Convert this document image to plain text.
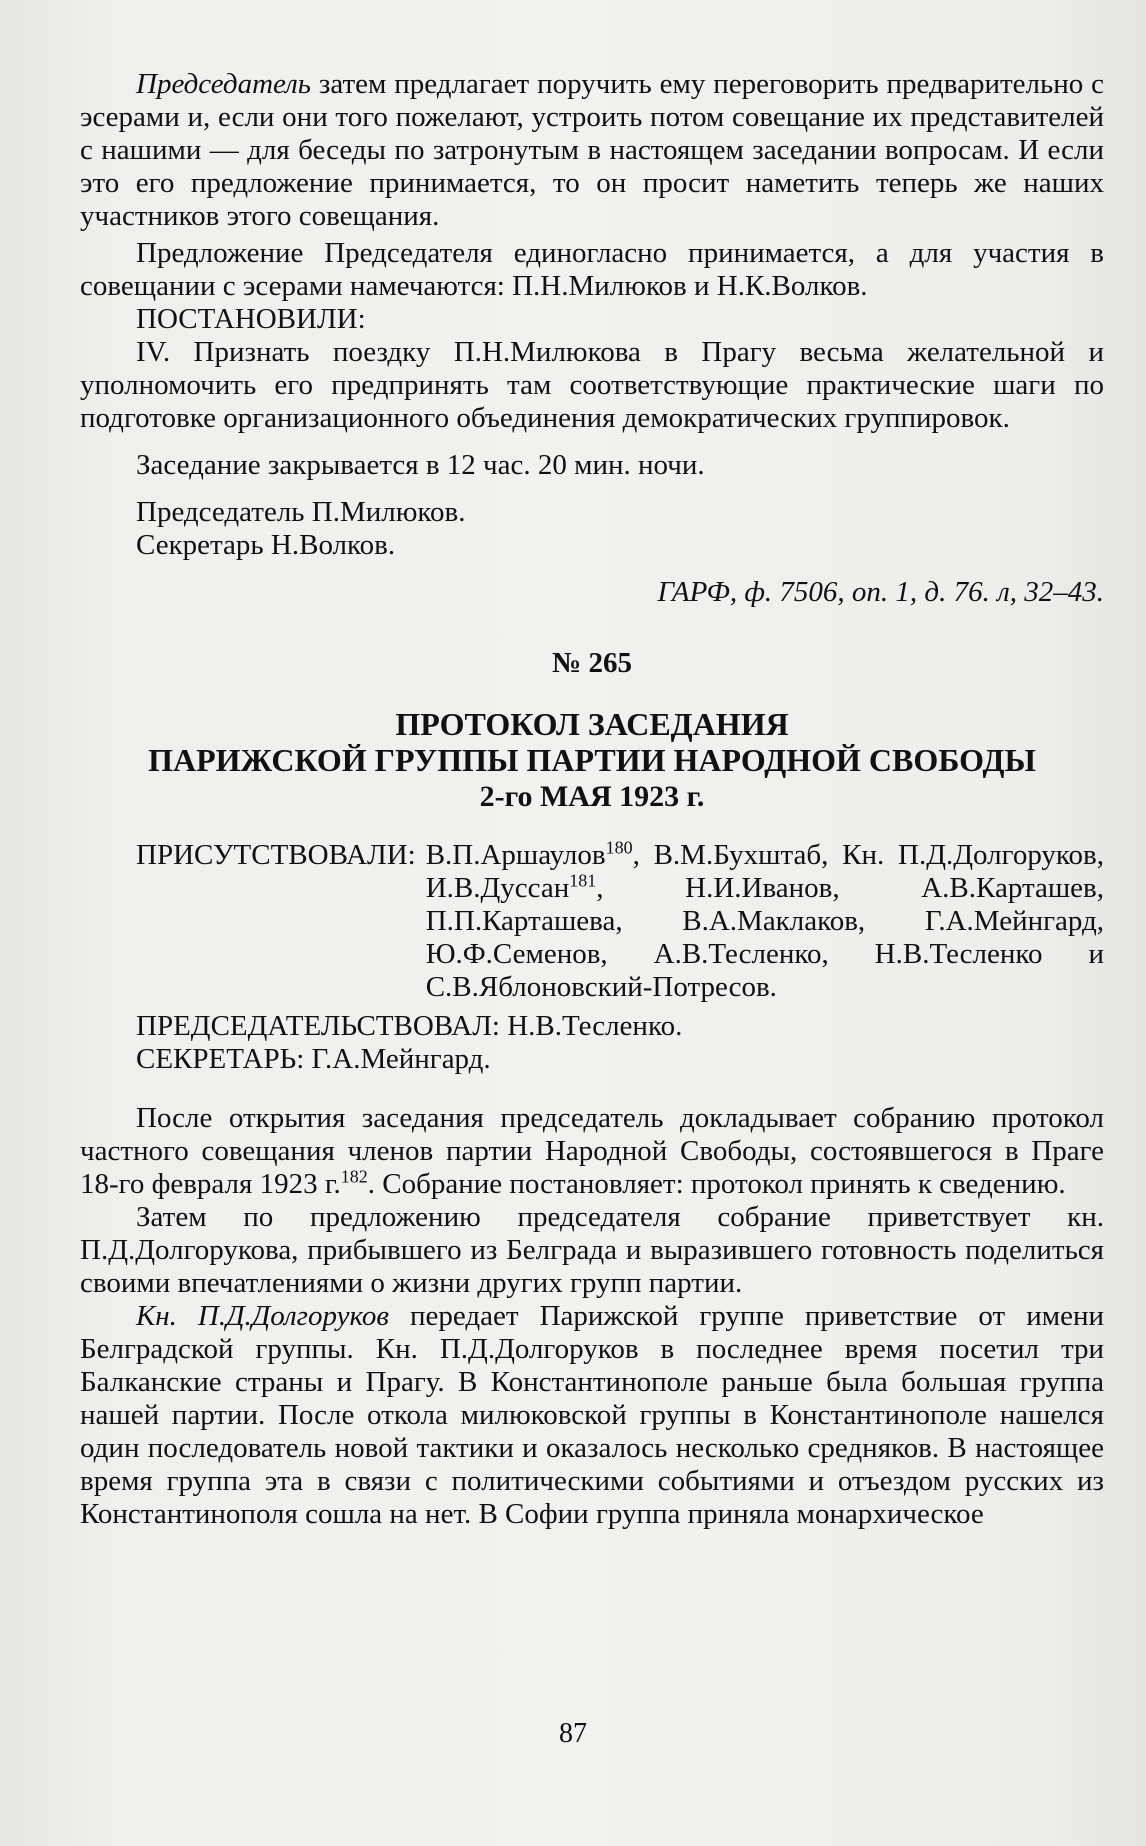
Председатель затем предлагает поручить ему переговорить предварительно с эсерами и, если они того пожелают, устроить потом совещание их представителей с нашими — для беседы по затронутым в настоящем заседании вопросам. И если это его предложение принимается, то он просит наметить теперь же наших участников этого совещания.

Предложение Председателя единогласно принимается, а для участия в совещании с эсерами намечаются: П.Н.Милюков и Н.К.Волков.

ПОСТАНОВИЛИ:

IV. Признать поездку П.Н.Милюкова в Прагу весьма желательной и уполномочить его предпринять там соответствующие практические шаги по подготовке организационного объединения демократических группировок.

Заседание закрывается в 12 час. 20 мин. ночи.

Председатель П.Милюков.

Секретарь Н.Волков.

ГАРФ, ф. 7506, оп. 1, д. 76. л, 32–43.

№ 265

ПРОТОКОЛ ЗАСЕДАНИЯ

ПАРИЖСКОЙ ГРУППЫ ПАРТИИ НАРОДНОЙ СВОБОДЫ

2-го МАЯ 1923 г.

ПРИСУТСТВОВАЛИ: В.П.Аршаулов$^{180}$, В.М.Бухштаб, Кн. П.Д.Долгоруков, И.В.Дуссан$^{181}$, Н.И.Иванов, А.В.Карташев, П.П.Карташева, В.А.Маклаков, Г.А.Мейнгард, Ю.Ф.Семенов, А.В.Тесленко, Н.В.Тесленко и С.В.Яблоновский-Потресов.

ПРЕДСЕДАТЕЛЬСТВОВАЛ: Н.В.Тесленко.

СЕКРЕТАРЬ: Г.А.Мейнгард.

После открытия заседания председатель докладывает собранию протокол частного совещания членов партии Народной Свободы, состоявшегося в Праге 18-го февраля 1923 г.$^{182}$. Собрание постановляет: протокол принять к сведению.

Затем по предложению председателя собрание приветствует кн. П.Д.Долгорукова, прибывшего из Белграда и выразившего готовность поделиться своими впечатлениями о жизни других групп партии.

Кн. П.Д.Долгоруков передает Парижской группе приветствие от имени Белградской группы. Кн. П.Д.Долгоруков в последнее время посетил три Балканские страны и Прагу. В Константинополе раньше была большая группа нашей партии. После откола милюковской группы в Константинополе нашелся один последователь новой тактики и оказалось несколько средняков. В настоящее время группа эта в связи с политическими событиями и отъездом русских из Константинополя сошла на нет. В Софии группа приняла монархическое

87
